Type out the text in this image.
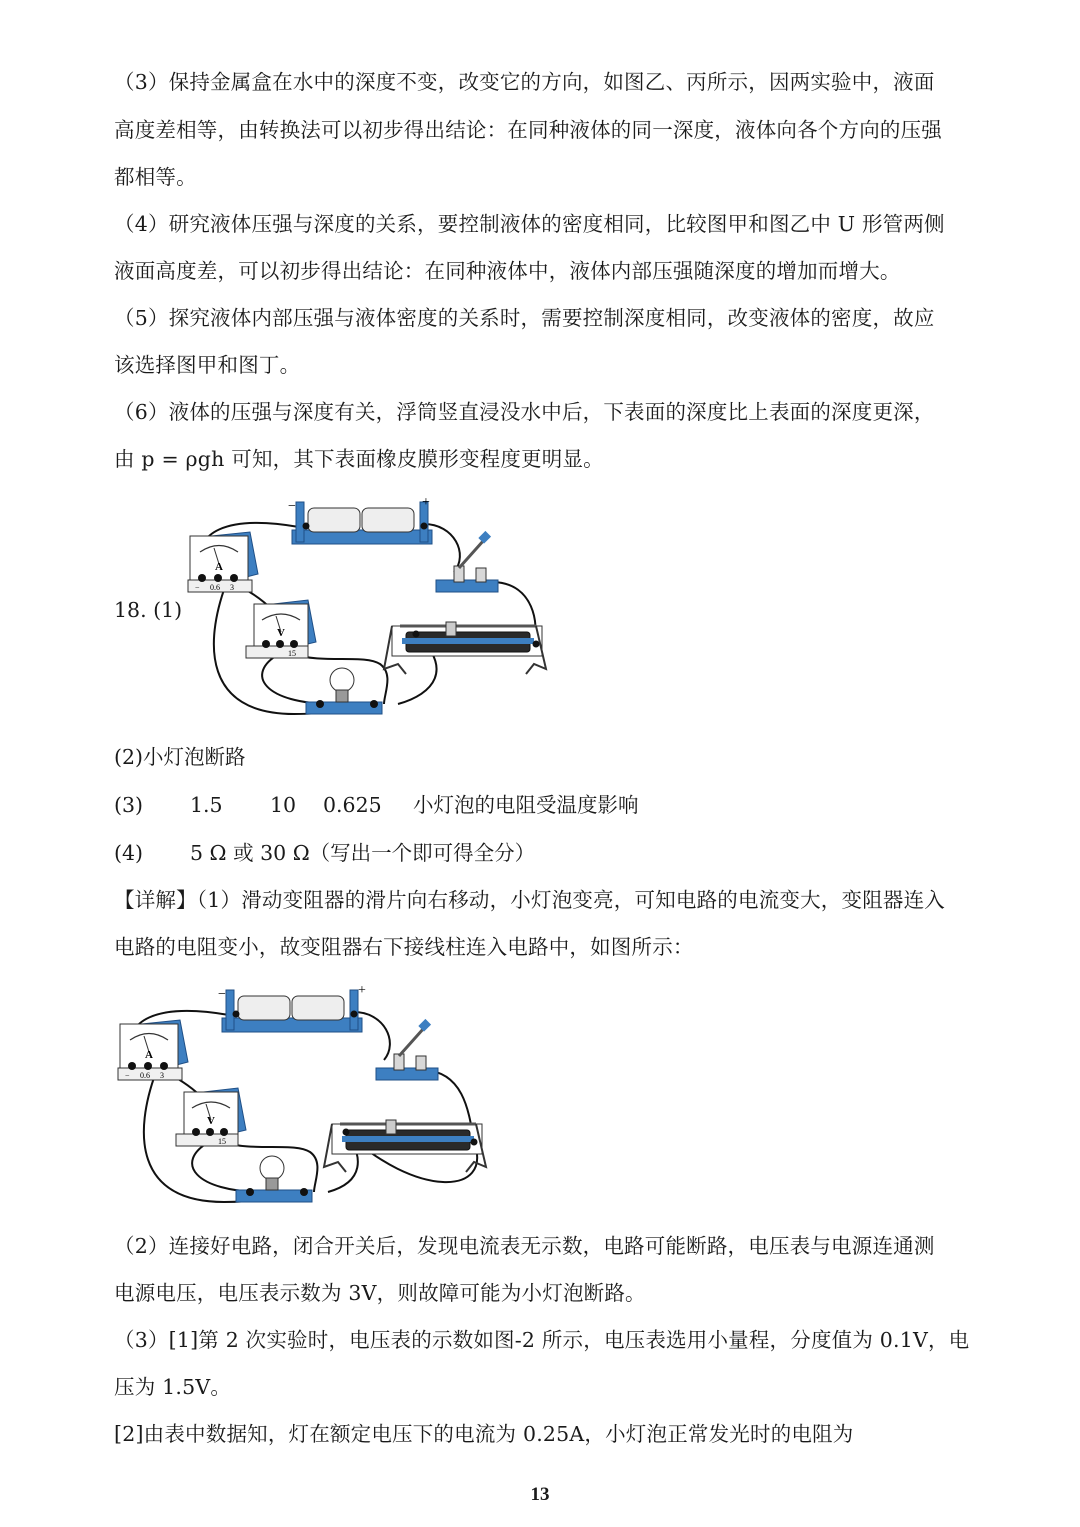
（3）保持金属盒在水中的深度不变，改变它的方向，如图乙、丙所示，因两实验中，液面
高度差相等，由转换法可以初步得出结论：在同种液体的同一深度，液体向各个方向的压强
都相等。
（4）研究液体压强与深度的关系，要控制液体的密度相同，比较图甲和图乙中 U 形管两侧
液面高度差，可以初步得出结论：在同种液体中，液体内部压强随深度的增加而增大。
（5）探究液体内部压强与液体密度的关系时，需要控制深度相同，改变液体的密度，故应
该选择图甲和图丁。
（6）液体的压强与深度有关，浮筒竖直浸没水中后，下表面的深度比上表面的深度更深，
由 p = ρgh 可知，其下表面橡皮膜形变程度更明显。
18. (1)
−	+
A
− 0.6 3
V
15
(2)小灯泡断路
(3) 1.5 10 0.625 小灯泡的电阻受温度影响
(4) 5 Ω 或 30 Ω（写出一个即可得全分）
【详解】（1）滑动变阻器的滑片向右移动，小灯泡变亮，可知电路的电流变大，变阻器连入
电路的电阻变小，故变阻器右下接线柱连入电路中，如图所示：
−	+
A
− 0.6 3
V
15
（2）连接好电路，闭合开关后，发现电流表无示数，电路可能断路，电压表与电源连通测
电源电压，电压表示数为 3V，则故障可能为小灯泡断路。
（3）[1]第 2 次实验时，电压表的示数如图-2 所示，电压表选用小量程，分度值为 0.1V，电
压为 1.5V。
[2]由表中数据知，灯在额定电压下的电流为 0.25A，小灯泡正常发光时的电阻为
13
